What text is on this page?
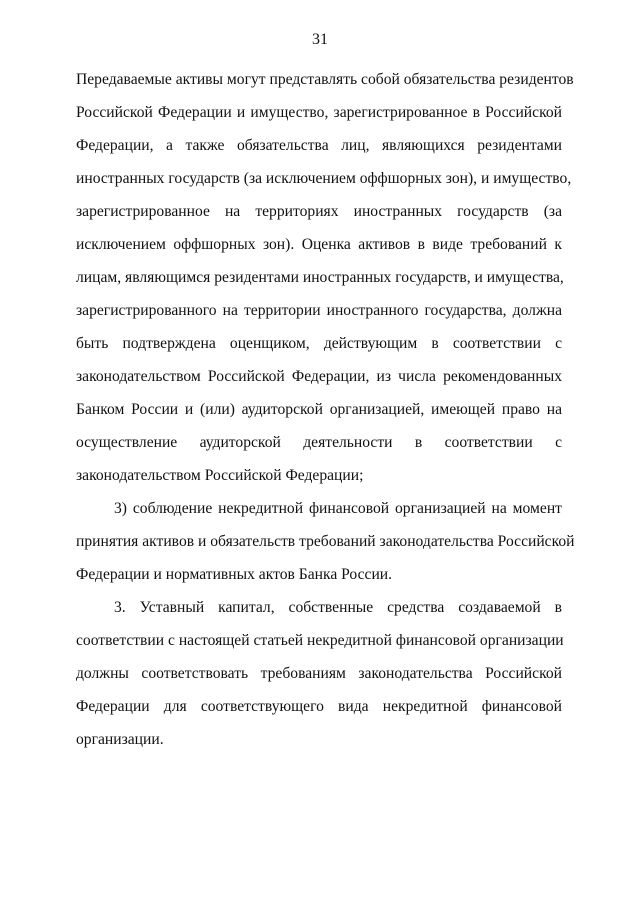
31
Передаваемые активы могут представлять собой обязательства резидентов
Российской Федерации и имущество, зарегистрированное в Российской
Федерации, а также обязательства лиц, являющихся резидентами
иностранных государств (за исключением оффшорных зон), и имущество,
зарегистрированное на территориях иностранных государств (за
исключением оффшорных зон). Оценка активов в виде требований к
лицам, являющимся резидентами иностранных государств, и имущества,
зарегистрированного на территории иностранного государства, должна
быть подтверждена оценщиком, действующим в соответствии с
законодательством Российской Федерации, из числа рекомендованных
Банком России и (или) аудиторской организацией, имеющей право на
осуществление аудиторской деятельности в соответствии с
законодательством Российской Федерации;
3) соблюдение некредитной финансовой организацией на момент
принятия активов и обязательств требований законодательства Российской
Федерации и нормативных актов Банка России.
3. Уставный капитал, собственные средства создаваемой в
соответствии с настоящей статьей некредитной финансовой организации
должны соответствовать требованиям законодательства Российской
Федерации для соответствующего вида некредитной финансовой
организации.
